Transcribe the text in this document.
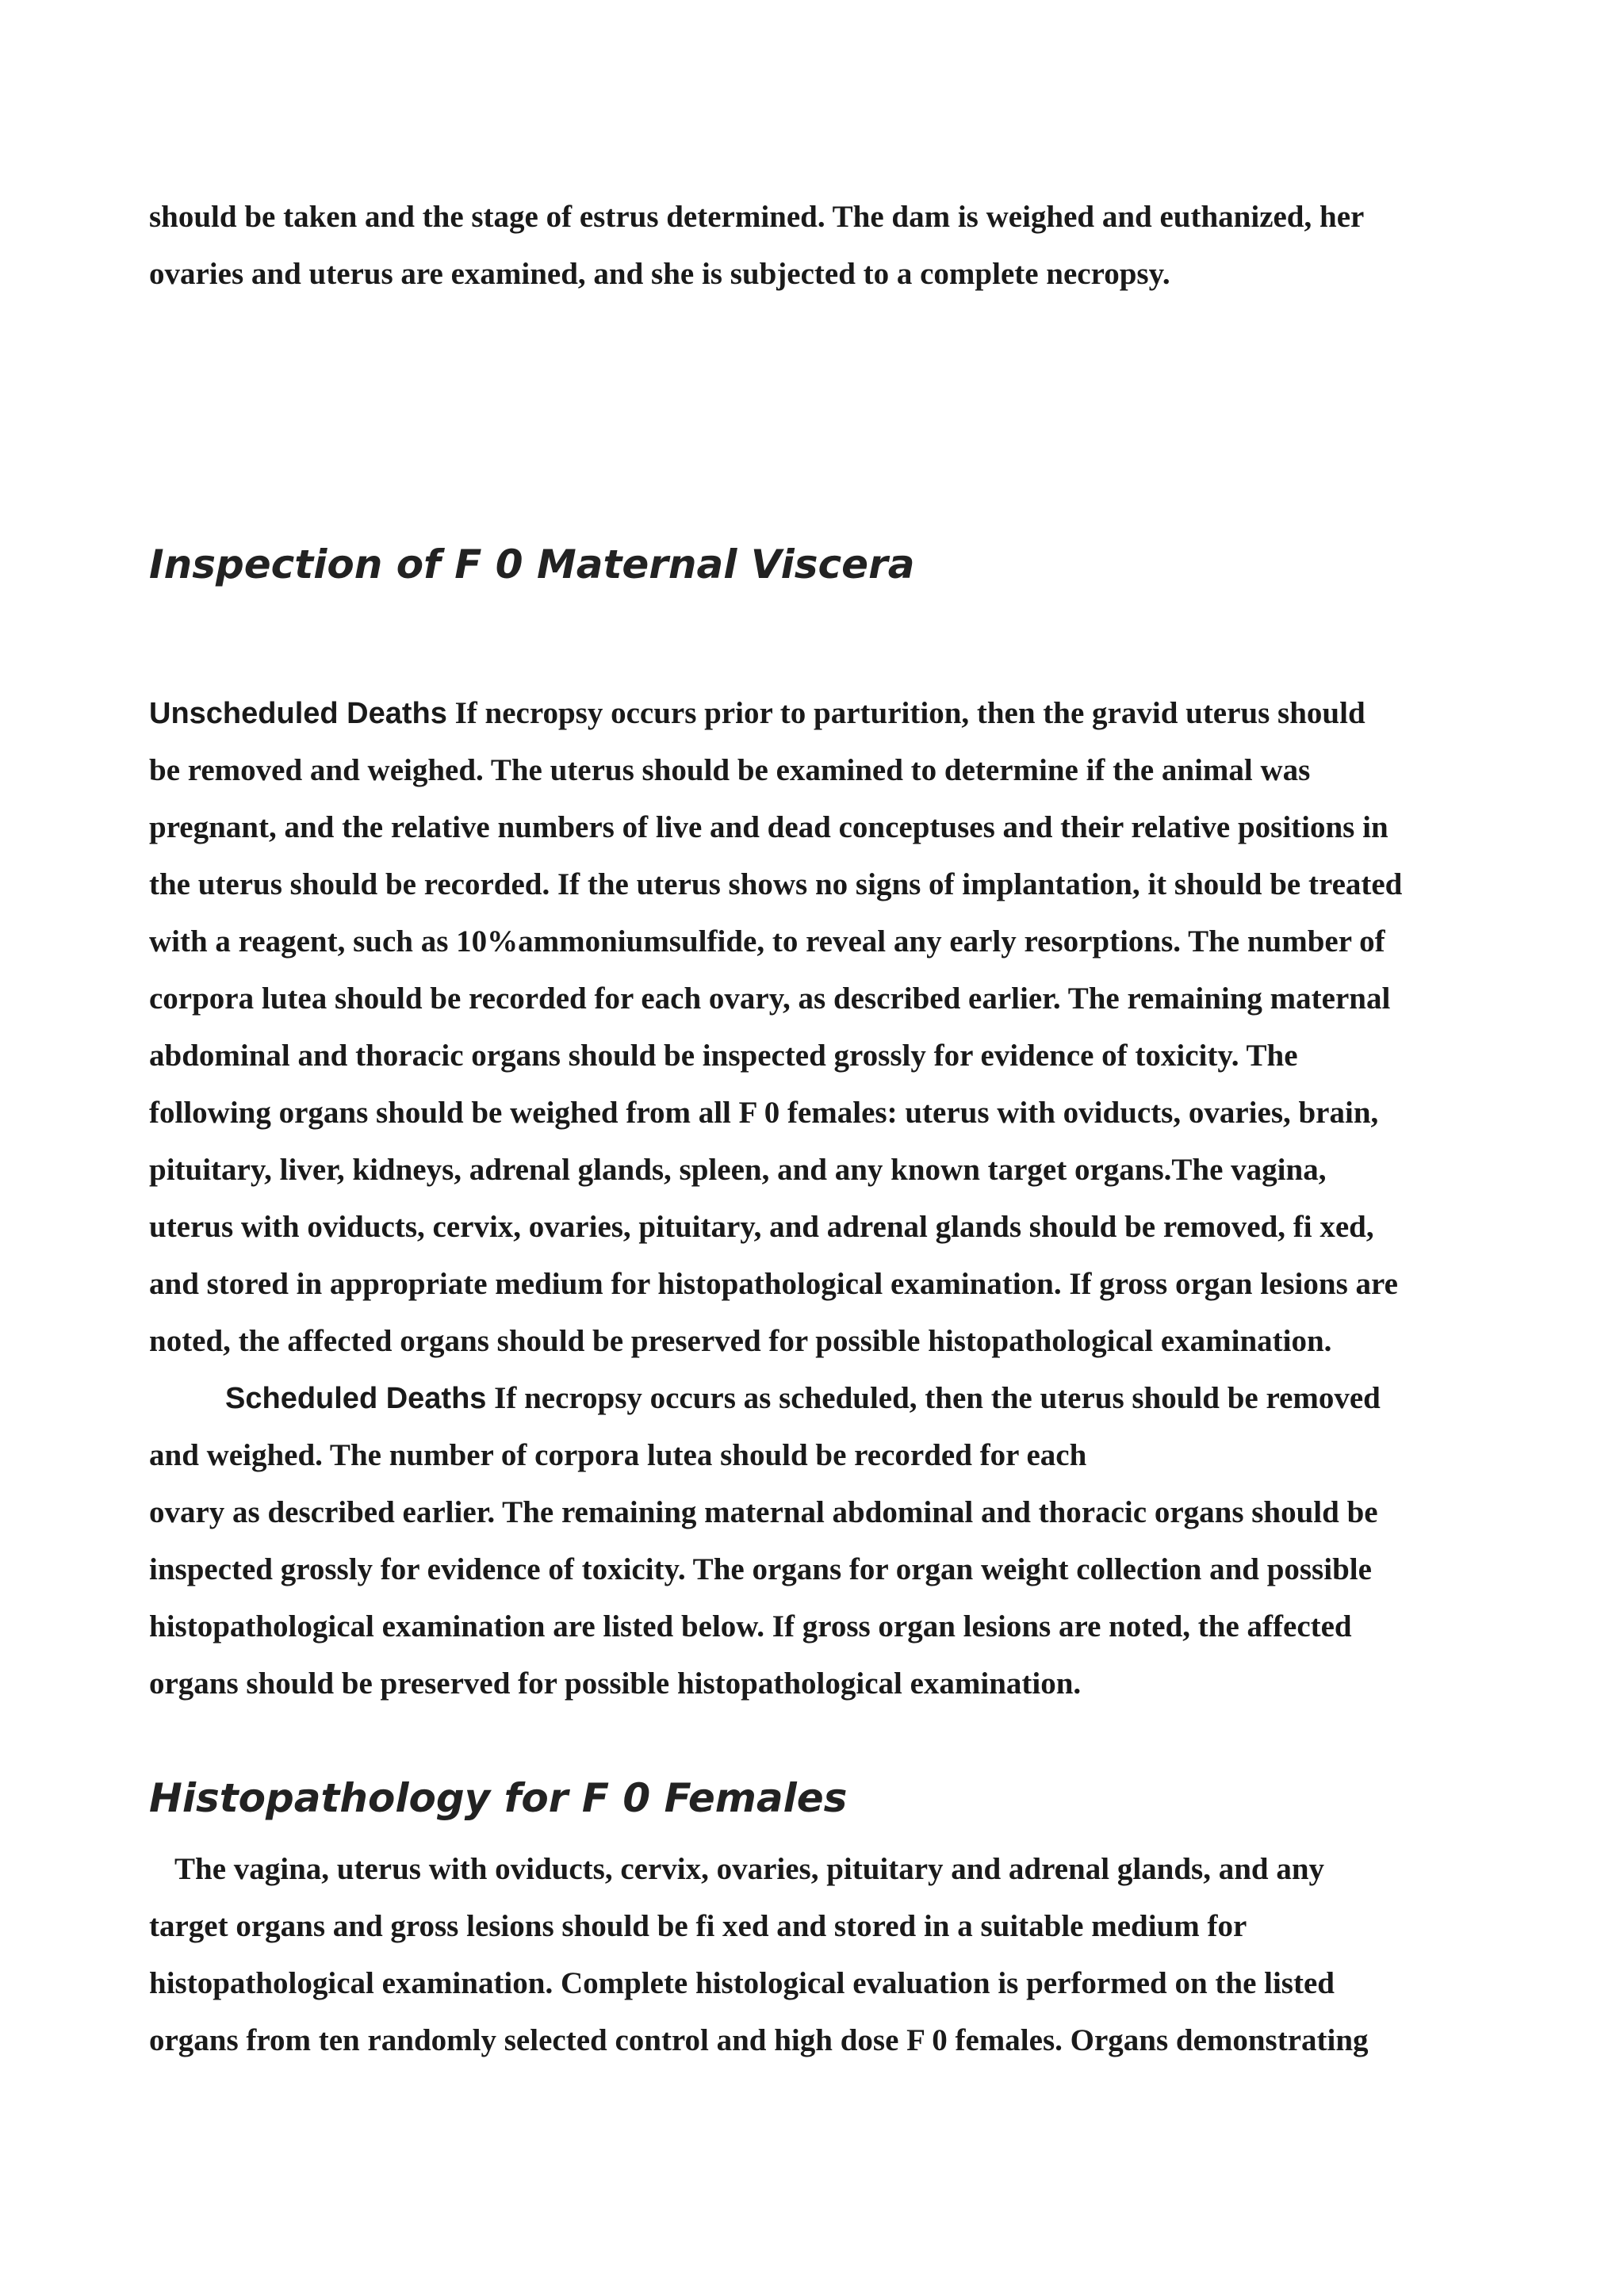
should be taken and the stage of estrus determined. The dam is weighed and euthanized, her
ovaries and uterus are examined, and she is subjected to a complete necropsy.
Inspection of F 0 Maternal Viscera
Unscheduled Deaths If necropsy occurs prior to parturition, then the gravid uterus should
be removed and weighed. The uterus should be examined to determine if the animal was
pregnant, and the relative numbers of live and dead conceptuses and their relative positions in
the uterus should be recorded. If the uterus shows no signs of implantation, it should be treated
with a reagent, such as 10%ammoniumsulfide, to reveal any early resorptions. The number of
corpora lutea should be recorded for each ovary, as described earlier. The remaining maternal
abdominal and thoracic organs should be inspected grossly for evidence of toxicity. The
following organs should be weighed from all F 0 females: uterus with oviducts, ovaries, brain,
pituitary, liver, kidneys, adrenal glands, spleen, and any known target organs.The vagina,
uterus with oviducts, cervix, ovaries, pituitary, and adrenal glands should be removed, fi xed,
and stored in appropriate medium for histopathological examination. If gross organ lesions are
noted, the affected organs should be preserved for possible histopathological examination.
Scheduled Deaths If necropsy occurs as scheduled, then the uterus should be removed
and weighed. The number of corpora lutea should be recorded for each
ovary as described earlier. The remaining maternal abdominal and thoracic organs should be
inspected grossly for evidence of toxicity. The organs for organ weight collection and possible
histopathological examination are listed below. If gross organ lesions are noted, the affected
organs should be preserved for possible histopathological examination.
Histopathology for F 0 Females
The vagina, uterus with oviducts, cervix, ovaries, pituitary and adrenal glands, and any
target organs and gross lesions should be fi xed and stored in a suitable medium for
histopathological examination. Complete histological evaluation is performed on the listed
organs from ten randomly selected control and high dose F 0 females. Organs demonstrating
